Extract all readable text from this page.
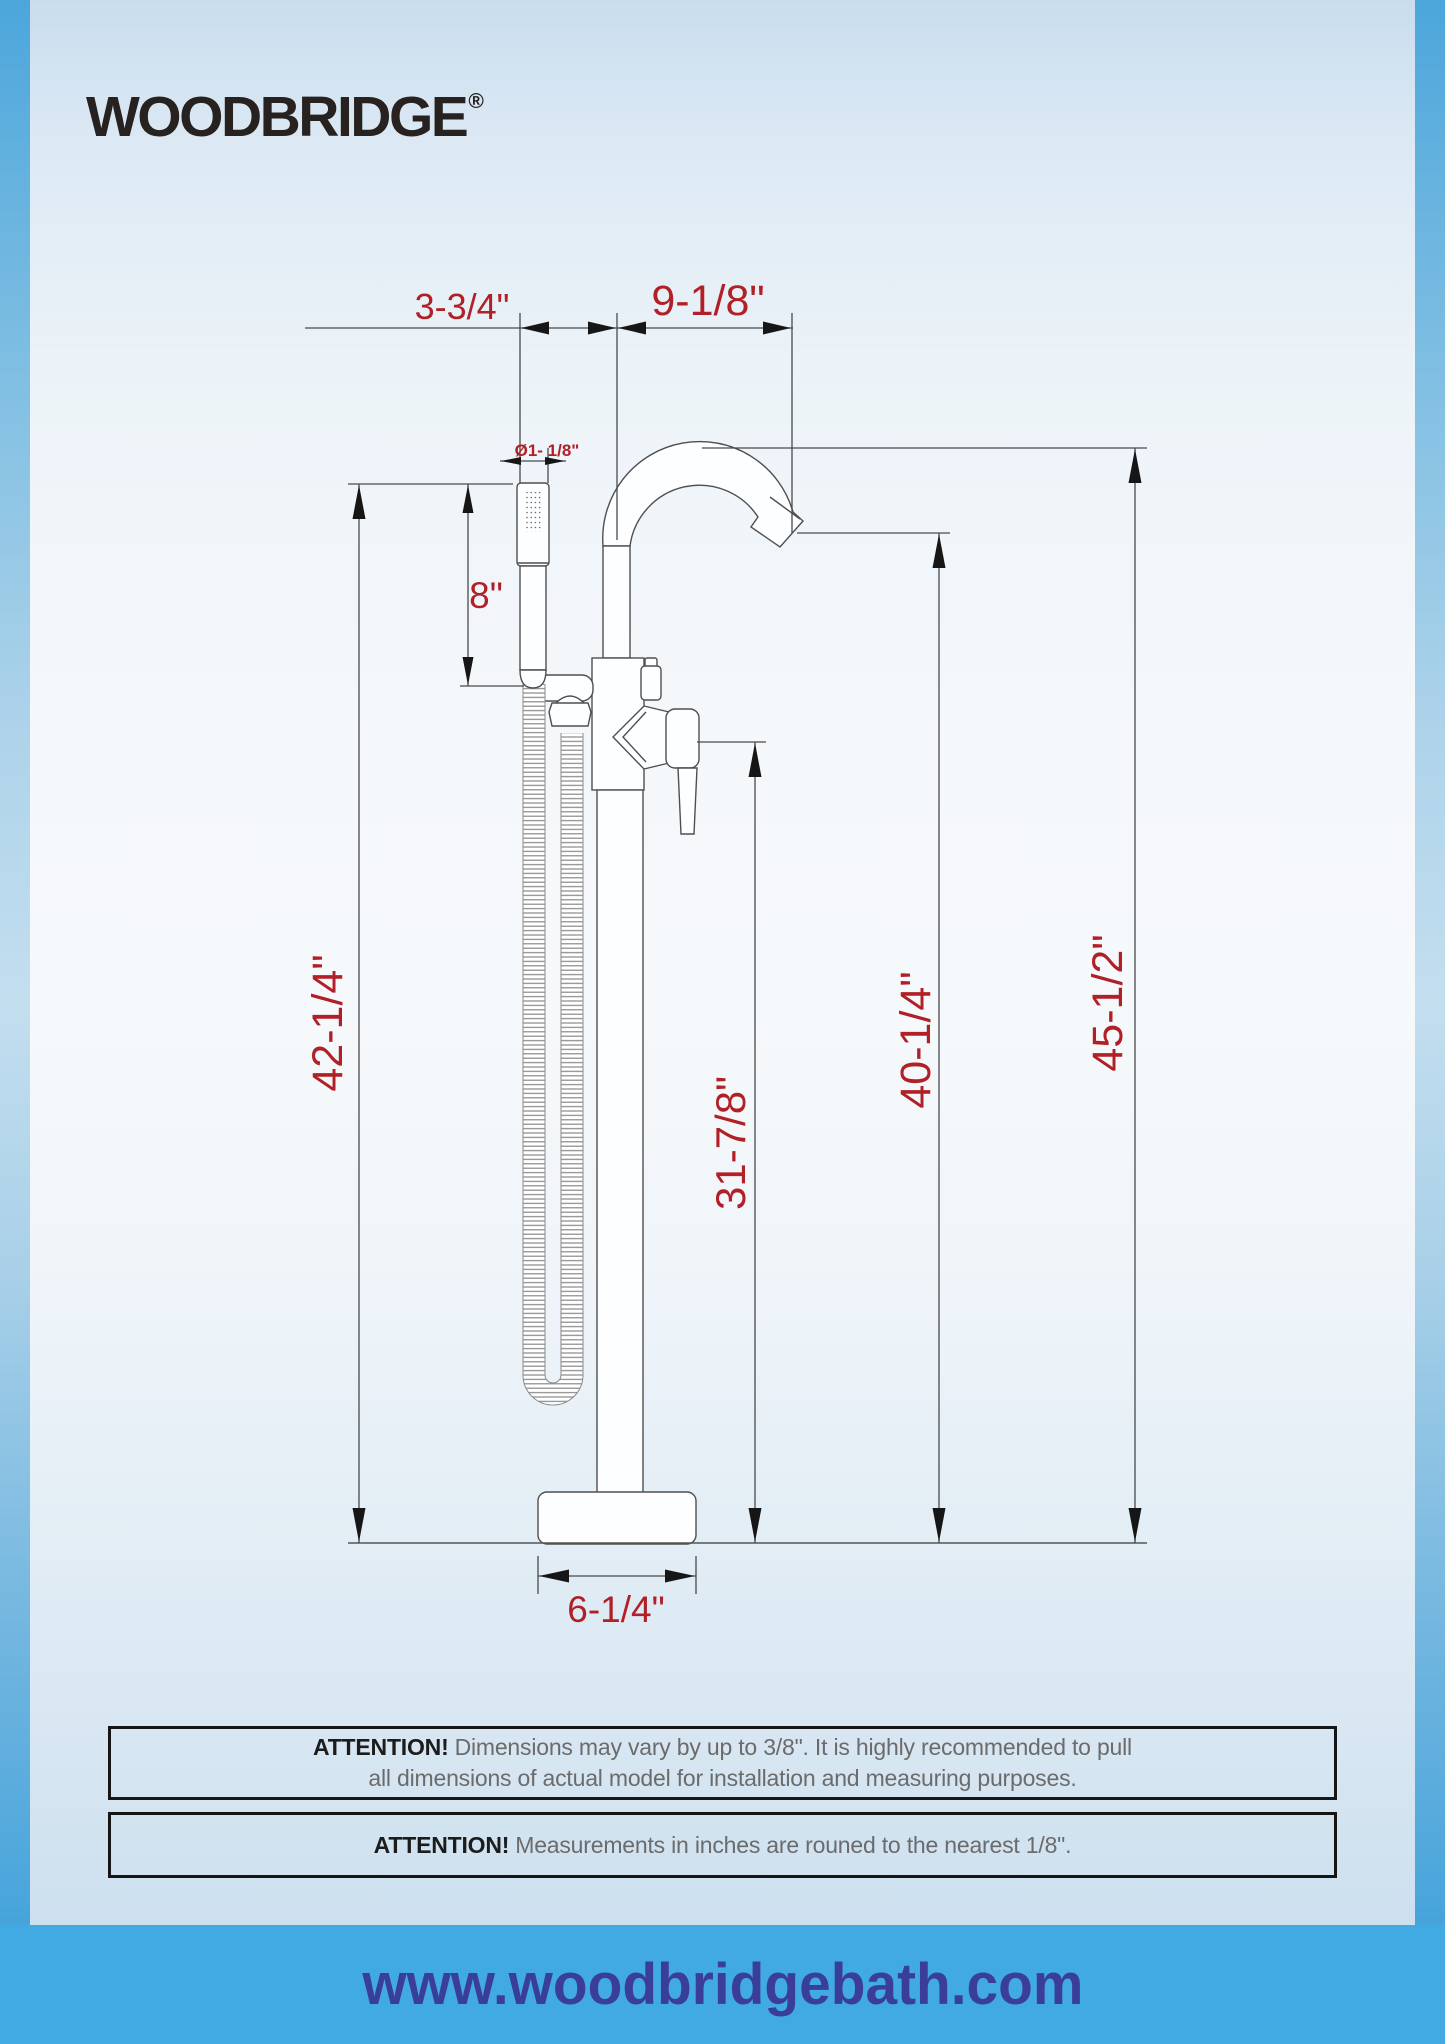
WOODBRIDGE®
3-3/4"	9-1/8"
Ø1- 1/8"
8"
42-1/4"
31-7/8"
40-1/4"	45-1/2"
6-1/4"
ATTENTION! Dimensions may vary by up to 3/8". It is highly recommended to pull
all dimensions of actual model for installation and measuring purposes.
ATTENTION! Measurements in inches are rouned to the nearest 1/8".
www.woodbridgebath.com
